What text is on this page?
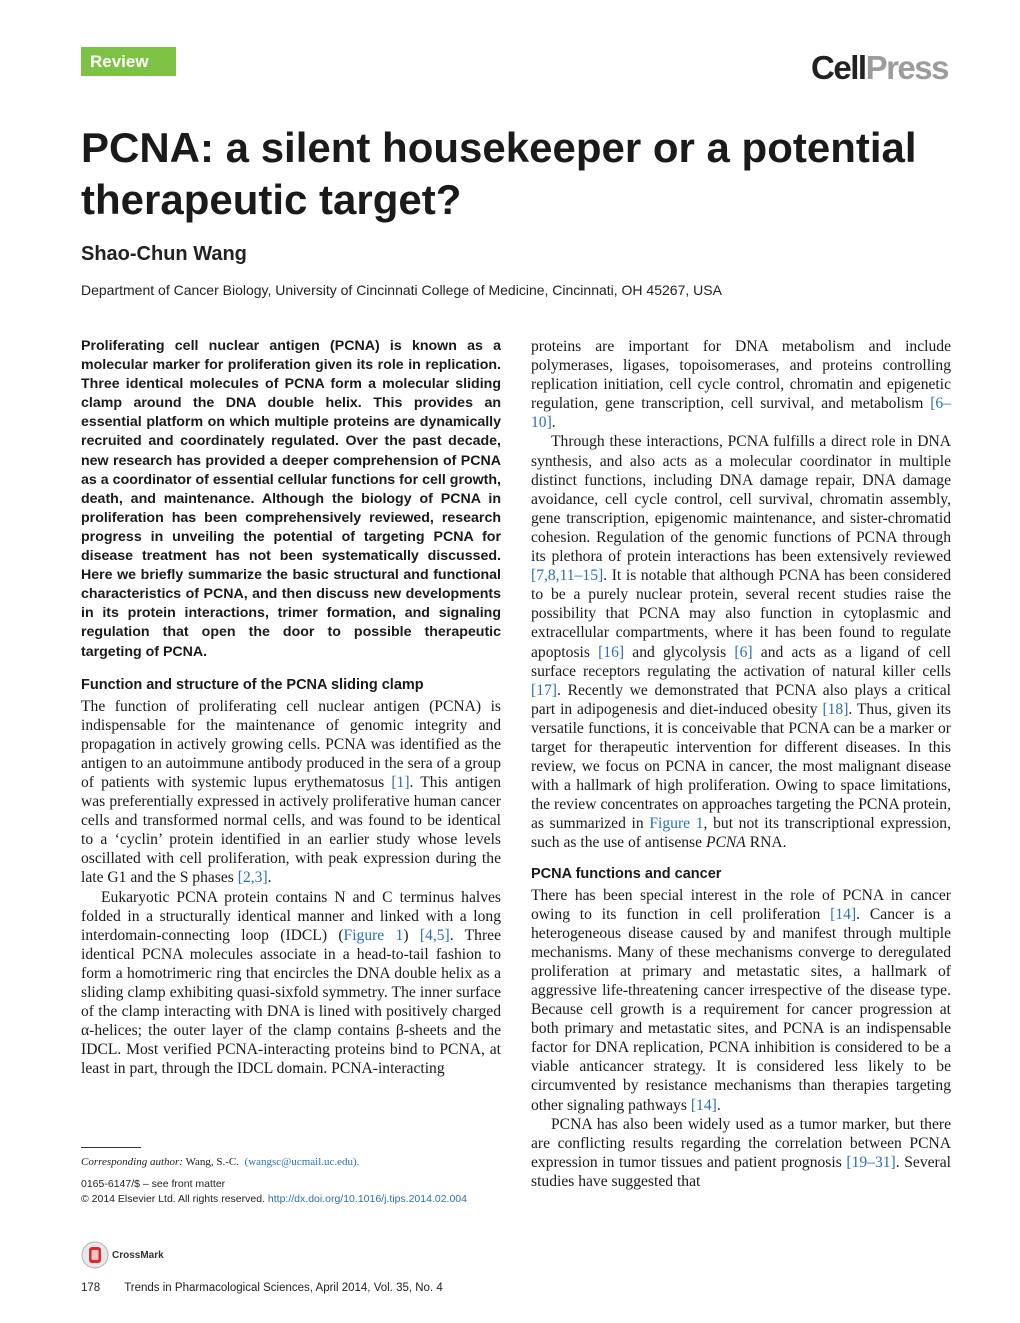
Review	CellPress
PCNA: a silent housekeeper or a potential therapeutic target?
Shao-Chun Wang
Department of Cancer Biology, University of Cincinnati College of Medicine, Cincinnati, OH 45267, USA

Proliferating cell nuclear antigen (PCNA) is known as a molecular marker for proliferation given its role in replication. Three identical molecules of PCNA form a molecular sliding clamp around the DNA double helix. This provides an essential platform on which multiple proteins are dynamically recruited and coordinately regulated. Over the past decade, new research has provided a deeper comprehension of PCNA as a coordinator of essential cellular functions for cell growth, death, and maintenance. Although the biology of PCNA in proliferation has been comprehensively reviewed, research progress in unveiling the potential of targeting PCNA for disease treatment has not been systematically discussed. Here we briefly summarize the basic structural and functional characteristics of PCNA, and then discuss new developments in its protein interactions, trimer formation, and signaling regulation that open the door to possible therapeutic targeting of PCNA.

Function and structure of the PCNA sliding clamp

The function of proliferating cell nuclear antigen (PCNA) is indispensable for the maintenance of genomic integrity and propagation in actively growing cells. PCNA was identified as the antigen to an autoimmune antibody produced in the sera of a group of patients with systemic lupus erythematosus [1]. This antigen was preferentially expressed in actively proliferative human cancer cells and transformed normal cells, and was found to be identical to a ‘cyclin’ protein identified in an earlier study whose levels oscillated with cell proliferation, with peak expression during the late G1 and the S phases [2,3].

Eukaryotic PCNA protein contains N and C terminus halves folded in a structurally identical manner and linked with a long interdomain-connecting loop (IDCL) (Figure 1) [4,5]. Three identical PCNA molecules associate in a head-to-tail fashion to form a homotrimeric ring that encircles the DNA double helix as a sliding clamp exhibiting quasi-sixfold symmetry. The inner surface of the clamp interacting with DNA is lined with positively charged α-helices; the outer layer of the clamp contains β-sheets and the IDCL. Most verified PCNA-interacting proteins bind to PCNA, at least in part, through the IDCL domain. PCNA-interacting

proteins are important for DNA metabolism and include polymerases, ligases, topoisomerases, and proteins controlling replication initiation, cell cycle control, chromatin and epigenetic regulation, gene transcription, cell survival, and metabolism [6–10].

Through these interactions, PCNA fulfills a direct role in DNA synthesis, and also acts as a molecular coordinator in multiple distinct functions, including DNA damage repair, DNA damage avoidance, cell cycle control, cell survival, chromatin assembly, gene transcription, epigenomic maintenance, and sister-chromatid cohesion. Regulation of the genomic functions of PCNA through its plethora of protein interactions has been extensively reviewed [7,8,11–15]. It is notable that although PCNA has been considered to be a purely nuclear protein, several recent studies raise the possibility that PCNA may also function in cytoplasmic and extracellular compartments, where it has been found to regulate apoptosis [16] and glycolysis [6] and acts as a ligand of cell surface receptors regulating the activation of natural killer cells [17]. Recently we demonstrated that PCNA also plays a critical part in adipogenesis and diet-induced obesity [18]. Thus, given its versatile functions, it is conceivable that PCNA can be a marker or target for therapeutic intervention for different diseases. In this review, we focus on PCNA in cancer, the most malignant disease with a hallmark of high proliferation. Owing to space limitations, the review concentrates on approaches targeting the PCNA protein, as summarized in Figure 1, but not its transcriptional expression, such as the use of antisense PCNA RNA.

PCNA functions and cancer

There has been special interest in the role of PCNA in cancer owing to its function in cell proliferation [14]. Cancer is a heterogeneous disease caused by and manifest through multiple mechanisms. Many of these mechanisms converge to deregulated proliferation at primary and metastatic sites, a hallmark of aggressive life-threatening cancer irrespective of the disease type. Because cell growth is a requirement for cancer progression at both primary and metastatic sites, and PCNA is an indispensable factor for DNA replication, PCNA inhibition is considered to be a viable anticancer strategy. It is considered less likely to be circumvented by resistance mechanisms than therapies targeting other signaling pathways [14].

PCNA has also been widely used as a tumor marker, but there are conflicting results regarding the correlation between PCNA expression in tumor tissues and patient prognosis [19–31]. Several studies have suggested that

Corresponding author: Wang, S.-C. (wangsc@ucmail.uc.edu).
0165-6147/$ – see front matter
© 2014 Elsevier Ltd. All rights reserved. http://dx.doi.org/10.1016/j.tips.2014.02.004
CrossMark
178 Trends in Pharmacological Sciences, April 2014, Vol. 35, No. 4
